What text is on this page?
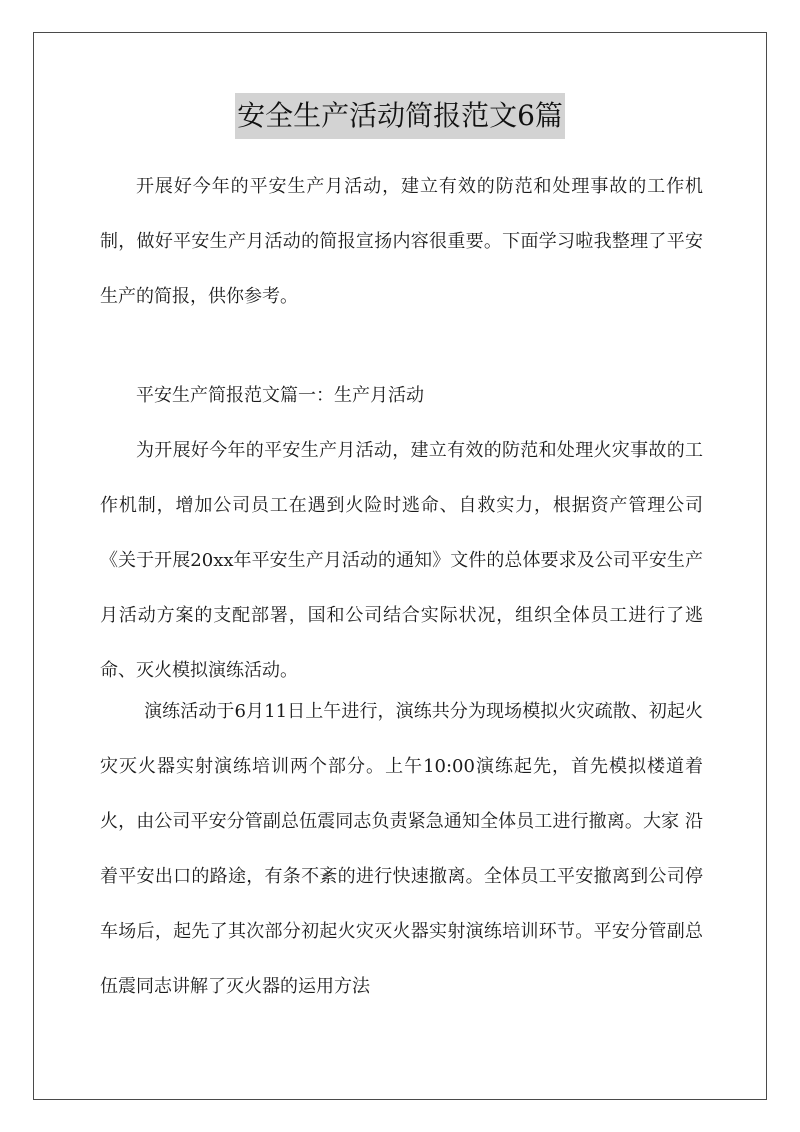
安全生产活动简报范文6篇

开展好今年的平安生产月活动，建立有效的防范和处理事故的工作机制，做好平安生产月活动的简报宣扬内容很重要。下面学习啦我整理了平安生产的简报，供你参考。

平安生产简报范文篇一：生产月活动

为开展好今年的平安生产月活动，建立有效的防范和处理火灾事故的工作机制，增加公司员工在遇到火险时逃命、自救实力，根据资产管理公司《关于开展20xx年平安生产月活动的通知》文件的总体要求及公司平安生产月活动方案的支配部署，国和公司结合实际状况，组织全体员工进行了逃命、灭火模拟演练活动。

演练活动于6月11日上午进行，演练共分为现场模拟火灾疏散、初起火灾灭火器实射演练培训两个部分。上午10:00演练起先，首先模拟楼道着火，由公司平安分管副总伍震同志负责紧急通知全体员工进行撤离。大家 沿着平安出口的路途，有条不紊的进行快速撤离。全体员工平安撤离到公司停车场后，起先了其次部分初起火灾灭火器实射演练培训环节。平安分管副总伍震同志讲解了灭火器的运用方法
